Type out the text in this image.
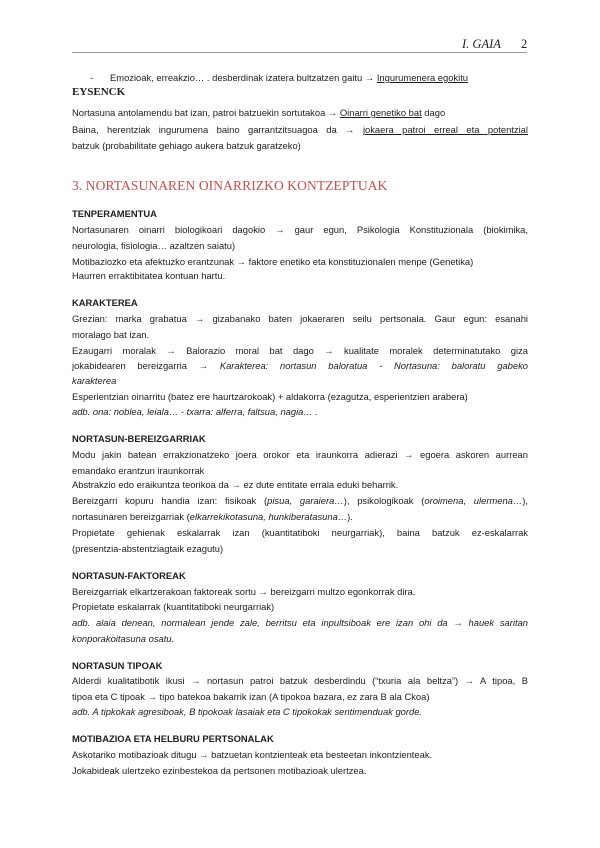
I. GAIA 2
- Emozioak, erreakzio… . desberdinak izatera bultzatzen gaitu → Ingurumenera egokitu
EYSENCK
Nortasuna antolamendu bat izan, patroi batzuekin sortutakoa → Oinarri genetiko bat dago
Baina, herentziak ingurumena baino garrantzitsuagoa da → jokaera patroi erreal eta potentzial
batzuk (probabilitate gehiago aukera batzuk garatzeko)
3. NORTASUNAREN OINARRIZKO KONTZEPTUAK
TENPERAMENTUA
Nortasunaren oinarri biologikoari dagokio → gaur egun, Psikologia Konstituzionala (biokimika,
neurologia, fisiologia… azaltzen saiatu)
Motibaziozko eta afektuzko erantzunak → faktore enetiko eta konstituzionalen menpe (Genetika)
Haurren erraktibitatea kontuan hartu.
KARAKTEREA
Grezian: marka grabatua → gizabanako baten jokaeraren seilu pertsonala. Gaur egun: esanahi
moralago bat izan.
Ezaugarri moralak → Balorazio moral bat dago → kualitate moralek determinatutako giza
jokabidearen bereizgarria → Karakterea: nortasun baloratua - Nortasuna: baloratu gabeko
karakterea
Esperientzian oinarritu (batez ere haurtzarokoak) + aldakorra (ezagutza, esperientzien arabera)
adb. ona: noblea, leiala… - txarra: alferra, faltsua, nagia… .
NORTASUN-BEREIZGARRIAK
Modu jakin batean errakzionatzeko joera orokor eta iraunkorra adierazi → egoera askoren aurrean
emandako erantzun iraunkorrak
Abstrakzio edo eraikuntza teorikoa da → ez dute entitate errala eduki beharrik.
Bereizgarri kopuru handia izan: fisikoak (pisua, garaiera…), psikologikoak (oroimena, ulermena…),
nortasunaren bereizgarriak (elkarrekikotasuna, hunkiberatasuna…).
Propietate gehienak eskalarrak izan (kuantitatiboki neurgarriak), baina batzuk ez-eskalarrak
(presentzia-abstentziagtaik ezagutu)
NORTASUN-FAKTOREAK
Bereizgarriak elkartzerakoan faktoreak sortu → bereizgarri multzo egonkorrak dira.
Propietate eskalarrak (kuantitatiboki neurgarriak)
adb. alaia denean, normalean jende zale, berritsu eta inpultsiboak ere izan ohi da → hauek saritan
konporakoitasuna osatu.
NORTASUN TIPOAK
Alderdi kualitatibotik ikusi → nortasun patroi batzuk desberdindu (“txuria ala beltza”) → A tipoa, B
tipoa eta C tipoak → tipo batekoa bakarrik izan (A tipokoa bazara, ez zara B ala Ckoa)
adb. A tipkokak agresiboak, B tipokoak lasaiak eta C tipokokak sentimenduak gorde.
MOTIBAZIOA ETA HELBURU PERTSONALAK
Askotariko motibazioak ditugu → batzuetan kontzienteak eta besteetan inkontzienteak.
Jokabideak ulertzeko ezinbestekoa da pertsonen motibazioak ulertzea.
